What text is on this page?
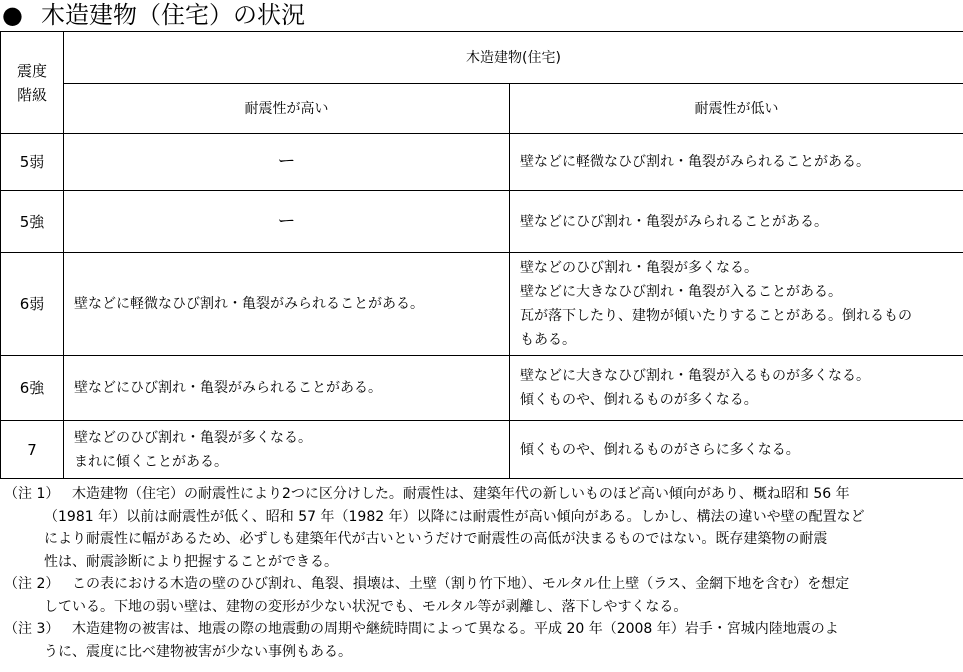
● 木造建物（住宅）の状況
震度
階級	木造建物(住宅)	
	耐震性が高い	耐震性が低い
5弱	ー	壁などに軽微なひび割れ・亀裂がみられることがある。

5強	ー	壁などにひび割れ・亀裂がみられることがある。

6弱	壁などに軽微なひび割れ・亀裂がみられることがある。	壁などのひび割れ・亀裂が多くなる。
壁などに大きなひび割れ・亀裂が入ることがある。
瓦が落下したり、建物が傾いたりすることがある。倒れるもの
もある。

6強	壁などにひび割れ・亀裂がみられることがある。	壁などに大きなひび割れ・亀裂が入るものが多くなる。
傾くものや、倒れるものが多くなる。

7	壁などのひび割れ・亀裂が多くなる。
まれに傾くことがある。	傾くものや、倒れるものがさらに多くなる。
（注 1） 木造建物（住宅）の耐震性により2つに区分けした。耐震性は、建築年代の新しいものほど高い傾向があり、概ね昭和 56 年
（1981 年）以前は耐震性が低く、昭和 57 年（1982 年）以降には耐震性が高い傾向がある。しかし、構法の違いや壁の配置など
により耐震性に幅があるため、必ずしも建築年代が古いというだけで耐震性の高低が決まるものではない。既存建築物の耐震
性は、耐震診断により把握することができる。
（注 2） この表における木造の壁のひび割れ、亀裂、損壊は、土壁（割り竹下地）、モルタル仕上壁（ラス、金網下地を含む）を想定
している。下地の弱い壁は、建物の変形が少ない状況でも、モルタル等が剥離し、落下しやすくなる。
（注 3） 木造建物の被害は、地震の際の地震動の周期や継続時間によって異なる。平成 20 年（2008 年）岩手・宮城内陸地震のよ
うに、震度に比べ建物被害が少ない事例もある。
